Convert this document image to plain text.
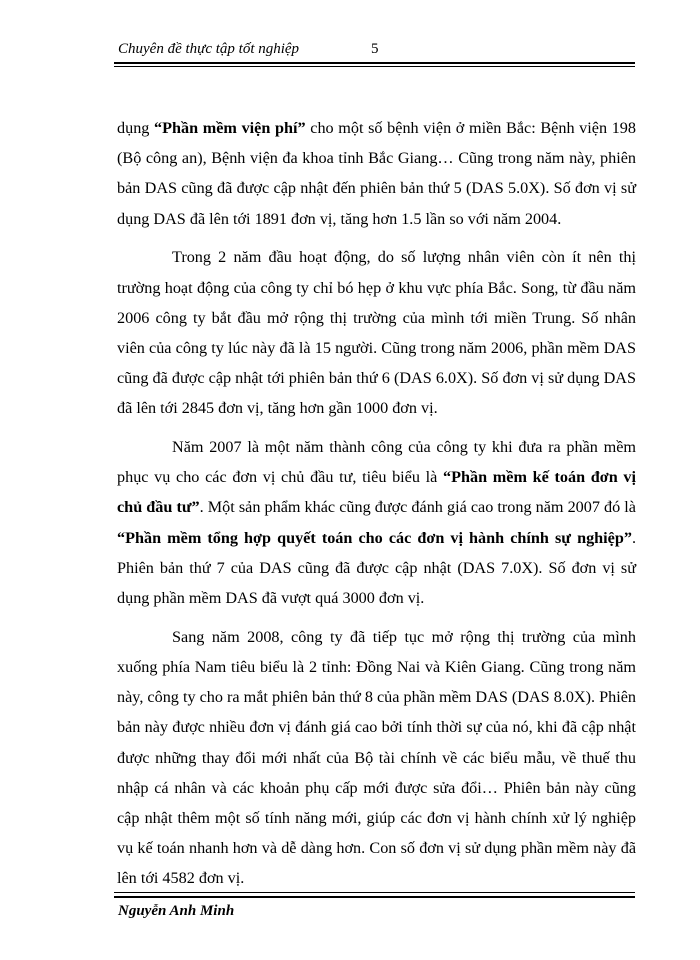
Chuyên đề thực tập tốt nghiệp	5

dụng “Phần mềm viện phí” cho một số bệnh viện ở miền Bắc: Bệnh viện 198 (Bộ công an), Bệnh viện đa khoa tỉnh Bắc Giang… Cũng trong năm này, phiên bản DAS cũng đã được cập nhật đến phiên bản thứ 5 (DAS 5.0X). Số đơn vị sử dụng DAS đã lên tới 1891 đơn vị, tăng hơn 1.5 lần so với năm 2004.

Trong 2 năm đầu hoạt động, do số lượng nhân viên còn ít nên thị trường hoạt động của công ty chỉ bó hẹp ở khu vực phía Bắc. Song, từ đầu năm 2006 công ty bắt đầu mở rộng thị trường của mình tới miền Trung. Số nhân viên của công ty lúc này đã là 15 người. Cũng trong năm 2006, phần mềm DAS cũng đã được cập nhật tới phiên bản thứ 6 (DAS 6.0X). Số đơn vị sử dụng DAS đã lên tới 2845 đơn vị, tăng hơn gần 1000 đơn vị.

Năm 2007 là một năm thành công của công ty khi đưa ra phần mềm phục vụ cho các đơn vị chủ đầu tư, tiêu biểu là “Phần mềm kế toán đơn vị chủ đầu tư”. Một sản phẩm khác cũng được đánh giá cao trong năm 2007 đó là “Phần mềm tổng hợp quyết toán cho các đơn vị hành chính sự nghiệp”. Phiên bản thứ 7 của DAS cũng đã được cập nhật (DAS 7.0X). Số đơn vị sử dụng phần mềm DAS đã vượt quá 3000 đơn vị.

Sang năm 2008, công ty đã tiếp tục mở rộng thị trường của mình xuống phía Nam tiêu biểu là 2 tỉnh: Đồng Nai và Kiên Giang. Cũng trong năm này, công ty cho ra mắt phiên bản thứ 8 của phần mềm DAS (DAS 8.0X). Phiên bản này được nhiều đơn vị đánh giá cao bởi tính thời sự của nó, khi đã cập nhật được những thay đổi mới nhất của Bộ tài chính về các biểu mẫu, về thuế thu nhập cá nhân và các khoản phụ cấp mới được sửa đổi… Phiên bản này cũng cập nhật thêm một số tính năng mới, giúp các đơn vị hành chính xử lý nghiệp vụ kế toán nhanh hơn và dễ dàng hơn. Con số đơn vị sử dụng phần mềm này đã lên tới 4582 đơn vị.

Nguyễn Anh Minh
